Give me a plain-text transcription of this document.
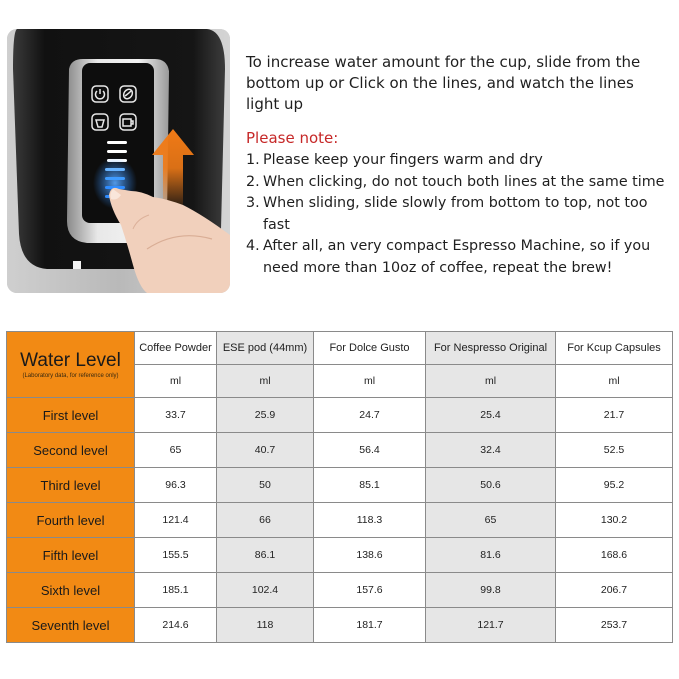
To increase water amount for the cup, slide from the bottom up or Click on the lines, and watch the lines light up

Please note:

1. Please keep your fingers warm and dry
2. When clicking, do not touch both lines at the same time
3. When sliding, slide slowly from bottom to top, not too fast
4. After all, an very compact Espresso Machine, so if you need more than 10oz of coffee, repeat the brew!
Water Level
(Laboratory data, for reference only)	Coffee Powder	ESE pod (44mm)	For Dolce Gusto	For Nespresso Original	For Kcup Capsules
	ml	ml	ml	ml	ml
First level	33.7	25.9	24.7	25.4	21.7
Second level	65	40.7	56.4	32.4	52.5
Third level	96.3	50	85.1	50.6	95.2
Fourth level	121.4	66	118.3	65	130.2
Fifth level	155.5	86.1	138.6	81.6	168.6
Sixth level	185.1	102.4	157.6	99.8	206.7
Seventh level	214.6	118	181.7	121.7	253.7
